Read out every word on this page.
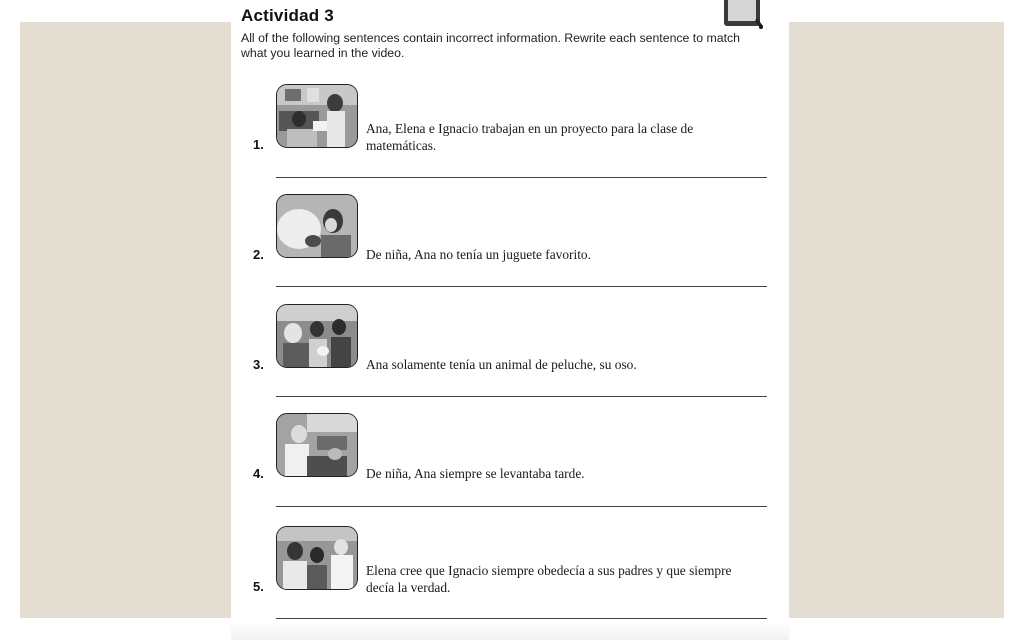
Actividad 3
All of the following sentences contain incorrect information. Rewrite each sentence to match what you learned in the video.
1.
Ana, Elena e Ignacio trabajan en un proyecto para la clase de matemáticas.
2.	De niña, Ana no tenía un juguete favorito.
3.	Ana solamente tenía un animal de peluche, su oso.
4.	De niña, Ana siempre se levantaba tarde.
5.
Elena cree que Ignacio siempre obedecía a sus padres y que siempre decía la verdad.
